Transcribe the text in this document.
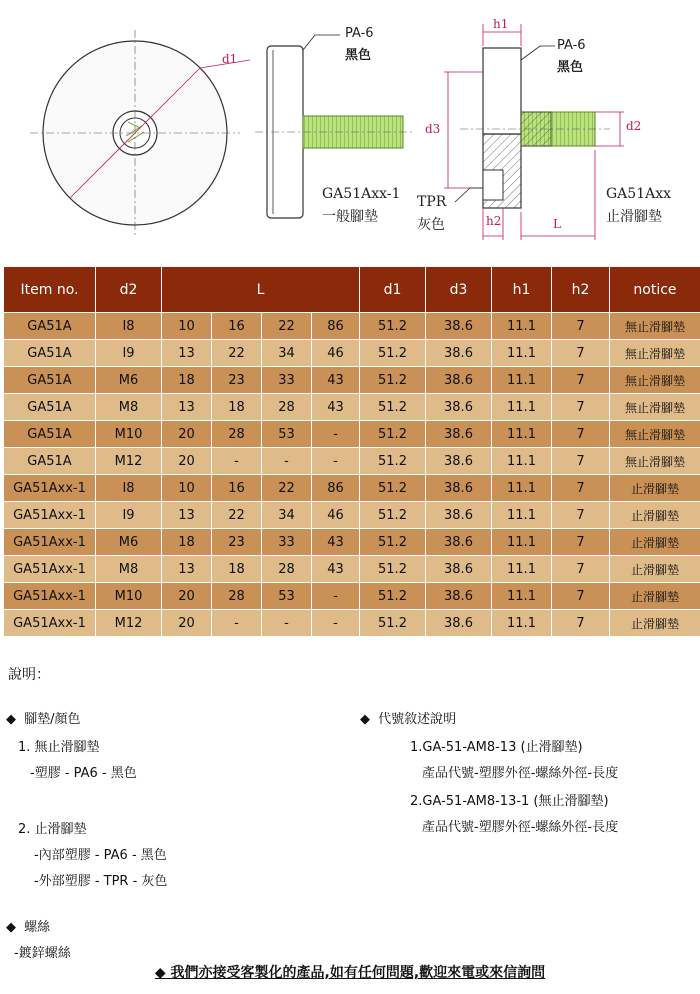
d1
PA-6
黑色
GA51Axx-1
一般腳墊
h1
d3	d2
h2	L
PA-6
黑色
TPR
灰色
GA51Axx
止滑腳墊
Item no.	d2	L				d1	d3	h1	h2	notice
GA51A	I8	10	16	22	86	51.2	38.6	11.1	7	無止滑腳墊
GA51A	I9	13	22	34	46	51.2	38.6	11.1	7	無止滑腳墊
GA51A	M6	18	23	33	43	51.2	38.6	11.1	7	無止滑腳墊
GA51A	M8	13	18	28	43	51.2	38.6	11.1	7	無止滑腳墊
GA51A	M10	20	28	53	-	51.2	38.6	11.1	7	無止滑腳墊
GA51A	M12	20	-	-	-	51.2	38.6	11.1	7	無止滑腳墊
GA51Axx-1	I8	10	16	22	86	51.2	38.6	11.1	7	止滑腳墊
GA51Axx-1	I9	13	22	34	46	51.2	38.6	11.1	7	止滑腳墊
GA51Axx-1	M6	18	23	33	43	51.2	38.6	11.1	7	止滑腳墊
GA51Axx-1	M8	13	18	28	43	51.2	38.6	11.1	7	止滑腳墊
GA51Axx-1	M10	20	28	53	-	51.2	38.6	11.1	7	止滑腳墊
GA51Axx-1	M12	20	-	-	-	51.2	38.6	11.1	7	止滑腳墊
說明：
◆ 腳墊/顏色
1. 無止滑腳墊
-塑膠 - PA6 - 黑色
2. 止滑腳墊
-內部塑膠 - PA6 - 黑色
-外部塑膠 - TPR - 灰色
◆ 代號敘述說明
1.GA-51-AM8-13 (止滑腳墊)
產品代號-塑膠外徑-螺絲外徑-長度
2.GA-51-AM8-13-1 (無止滑腳墊)
產品代號-塑膠外徑-螺絲外徑-長度
◆ 螺絲
-鍍鋅螺絲
◆ 我們亦接受客製化的產品,如有任何問題,歡迎來電或來信詢問
